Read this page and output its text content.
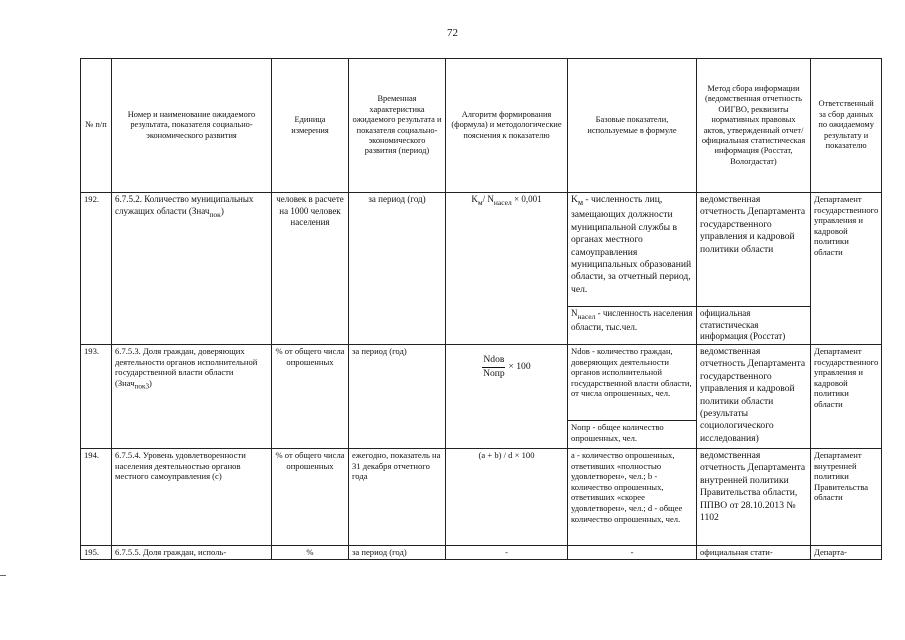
72
№ п/п	Номер и наименование ожидаемого результата, показателя социально-экономического развития	Единица измерения	Временная характеристика ожидаемого результата и показателя социально-экономического развития (период)	Алгоритм формирования (формула) и методологические пояснения к показателю	Базовые показатели, используемые в формуле	Метод сбора информации (ведомственная отчетность ОИГВО, реквизиты нормативных правовых актов, утвержденный отчет/официальная статистическая информация (Росстат, Вологдастат)	Ответственный за сбор данных по ожидаемому результату и показателю
192.	6.7.5.2. Количество муниципальных служащих области (Знач$_{пок}$)	человек в расчете на 1000 человек населения	за период (год)	$K_м/$ $N_{насел} \times 0,001$	$K_м$ - численность лиц, замещающих должности муниципальной службы в органах местного самоуправления муниципальных образований области, за отчетный период, чел.	ведомственная отчетность Департамента государственного управления и кадровой политики области	Департамент государственного управления и кадровой политики области
					$N_{насел}$ - численность населения области, тыс.чел.	официальная статистическая информация (Росстат)	
193.	6.7.5.3. Доля граждан, доверяющих деятельности органов исполнительной государственной власти области (Знач$_{пок3}$)	% от общего числа опрошенных	за период (год)	$\frac{\text{Ndов}}{\text{Nопр}} \times 100$	Ndов - количество граждан, доверяющих деятельности органов исполнительной государственной власти области, от числа опрошенных, чел.	ведомственная отчетность Департамента государственного управления и кадровой политики области (результаты социологического исследования)	Департамент государственного управления и кадровой политики области
					Nопр - общее количество опрошенных, чел.		
194.	6.7.5.4. Уровень удовлетворенности населения деятельностью органов местного самоуправления (с)	% от общего числа опрошенных	ежегодно, показатель на 31 декабря отчетного года	(a + b) / d × 100	a - количество опрошенных, ответивших «полностью удовлетворен», чел.; b - количество опрошенных, ответивших «скорее удовлетворен», чел.; d - общее количество опрошенных, чел.	ведомственная отчетность Департамента внутренней политики Правительства области, ППВО от 28.10.2013 № 1102	Департамент внутренней политики Правительства области
195.	6.7.5.5. Доля граждан, исполь-	%	за период (год)	-	-	официальная стати-	Департа-
